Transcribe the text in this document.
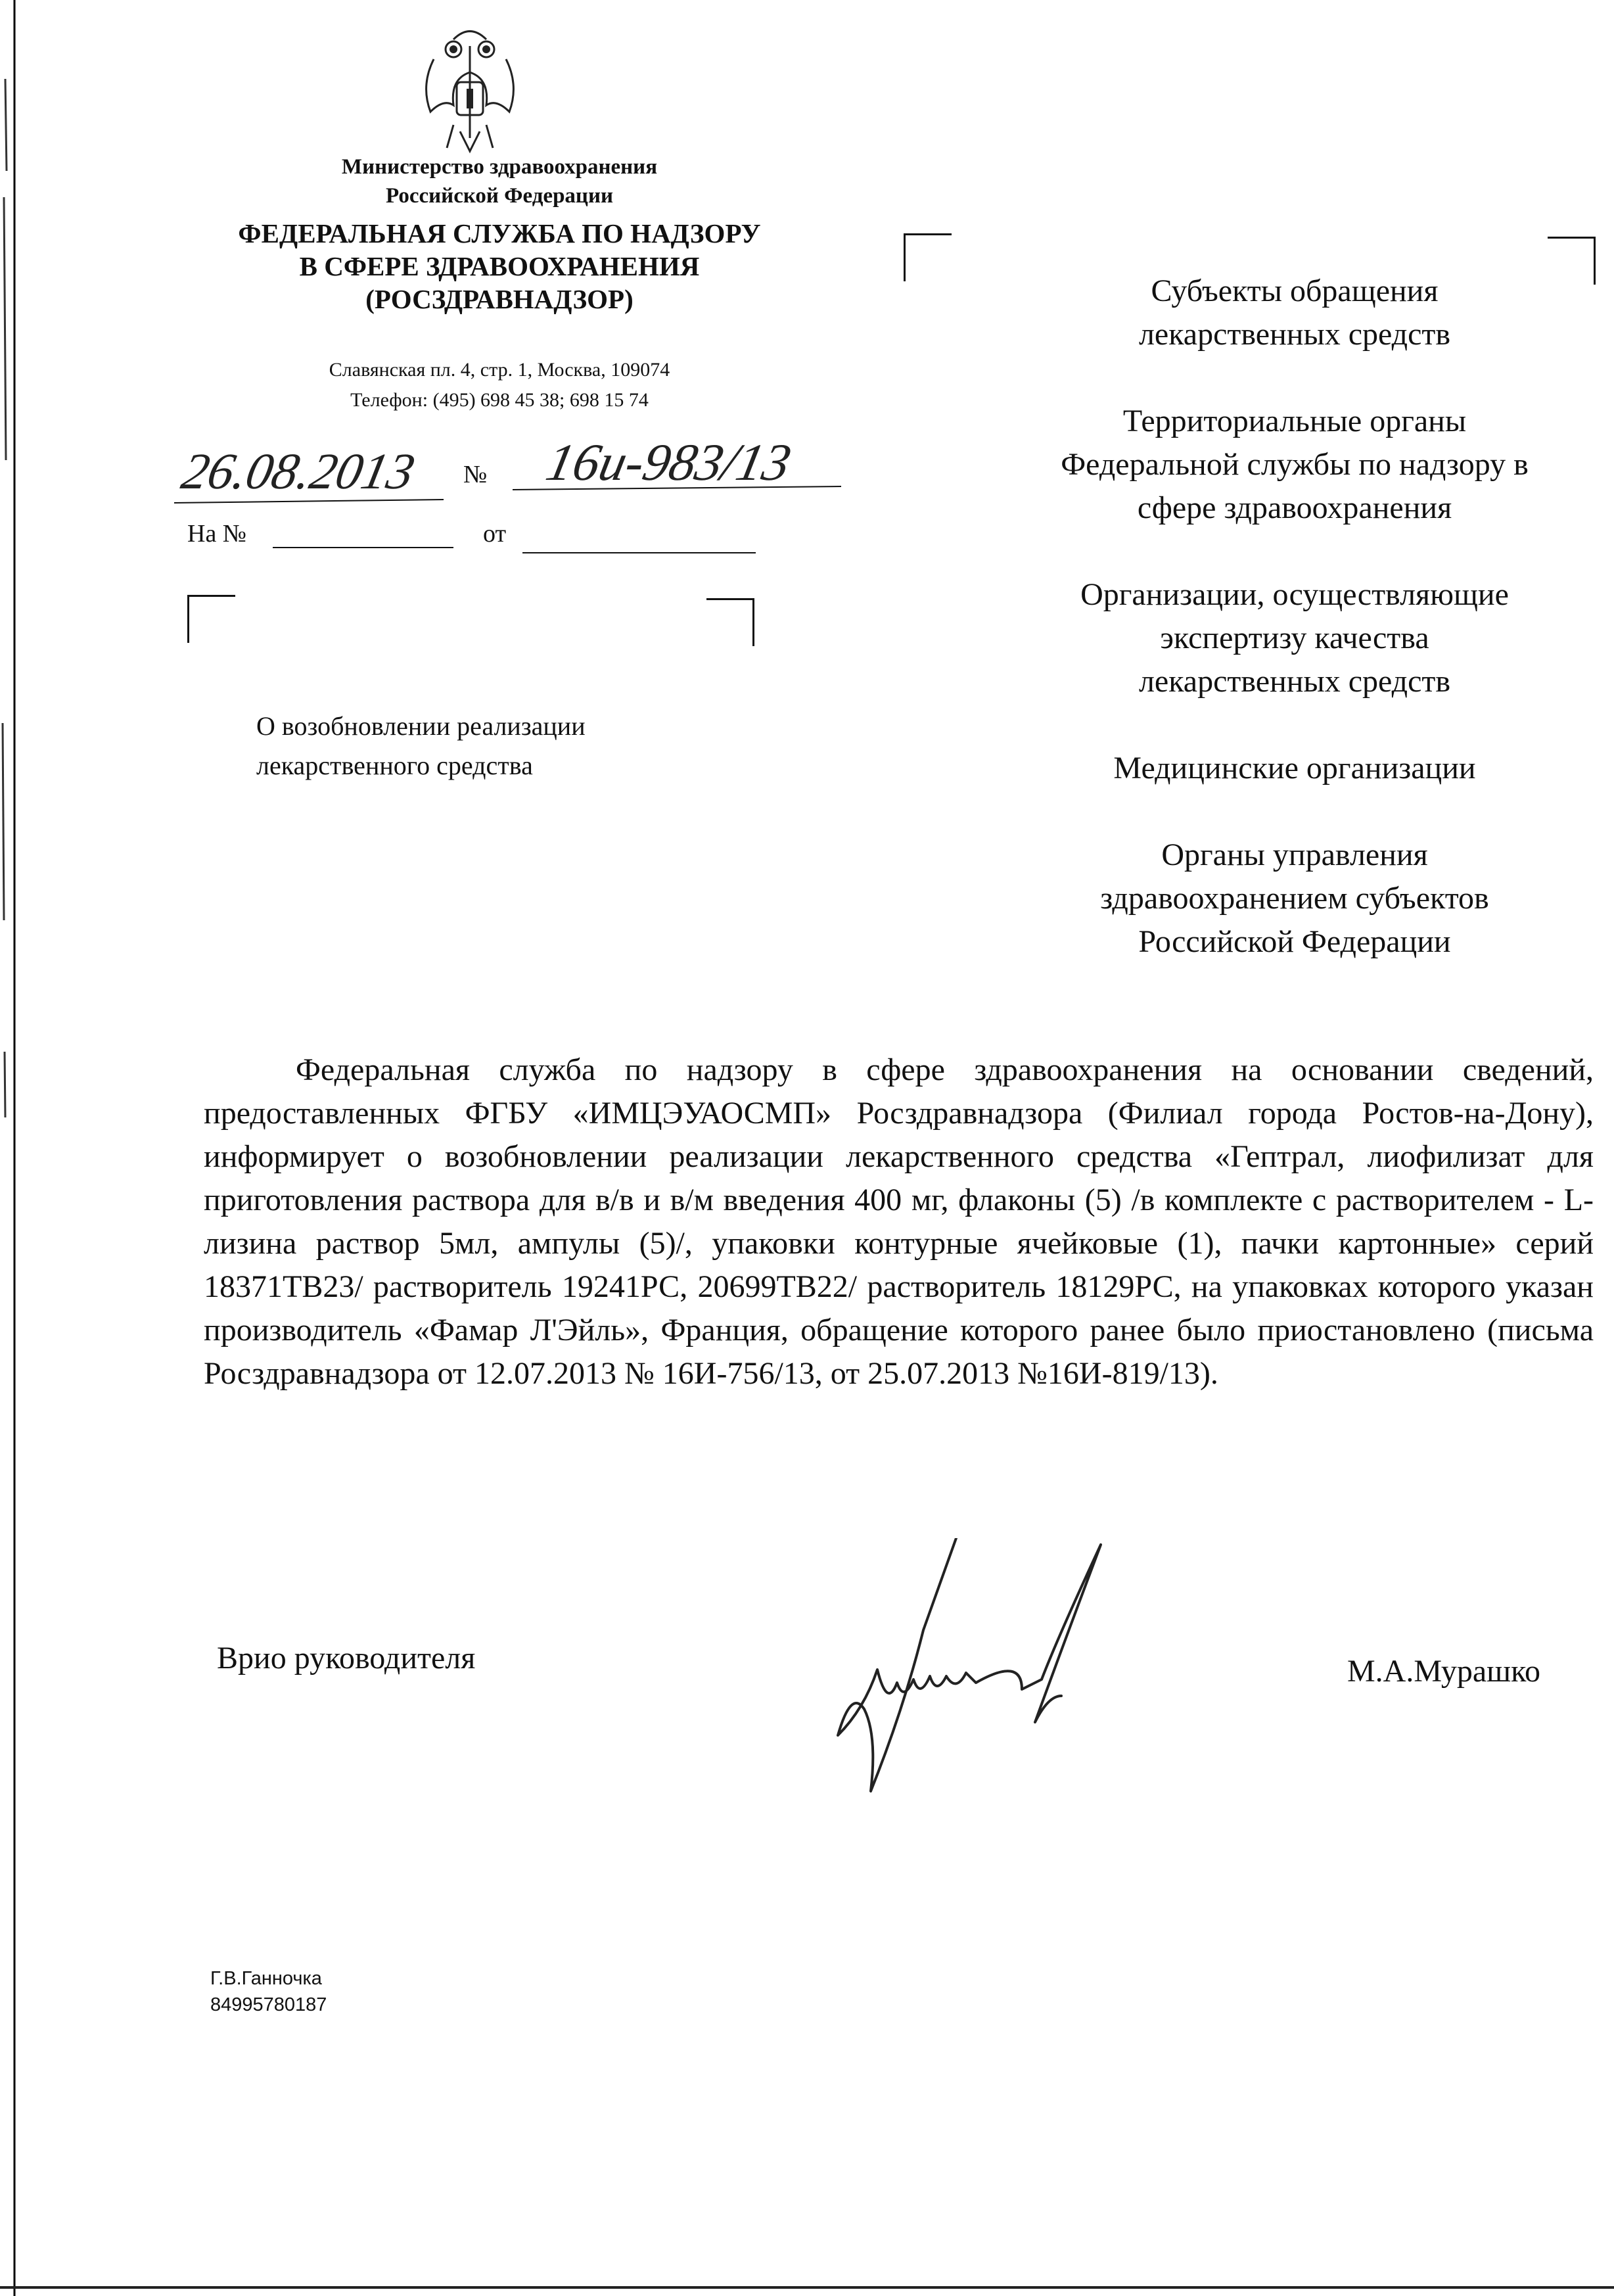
Министерство здравоохранения
Российской Федерации
ФЕДЕРАЛЬНАЯ СЛУЖБА ПО НАДЗОРУ
В СФЕРЕ ЗДРАВООХРАНЕНИЯ
(РОСЗДРАВНАДЗОР)
Славянская пл. 4, стр. 1, Москва, 109074
Телефон: (495) 698 45 38; 698 15 74
26.08.2013 № 16и-983/13
На №	от
О возобновлении реализации
лекарственного средства
Субъекты обращения
лекарственных средств
Территориальные органы
Федеральной службы по надзору в
сфере здравоохранения
Организации, осуществляющие
экспертизу качества
лекарственных средств
Медицинские организации
Органы управления
здравоохранением субъектов
Российской Федерации
Федеральная служба по надзору в сфере здравоохранения на основании сведений, предоставленных ФГБУ «ИМЦЭУАОСМП» Росздравнадзора (Филиал города Ростов-на-Дону), информирует о возобновлении реализации лекарственного средства «Гептрал, лиофилизат для приготовления раствора для в/в и в/м введения 400 мг, флаконы (5) /в комплекте с растворителем - L-лизина раствор 5мл, ампулы (5)/, упаковки контурные ячейковые (1), пачки картонные» серий 18371ТВ23/ растворитель 19241РС, 20699ТВ22/ растворитель 18129РС, на упаковках которого указан производитель «Фамар Л'Эйль», Франция, обращение которого ранее было приостановлено (письма Росздравнадзора от 12.07.2013 № 16И-756/13, от 25.07.2013 №16И-819/13).
Врио руководителя	М.А.Мурашко
Г.В.Ганночка
84995780187
